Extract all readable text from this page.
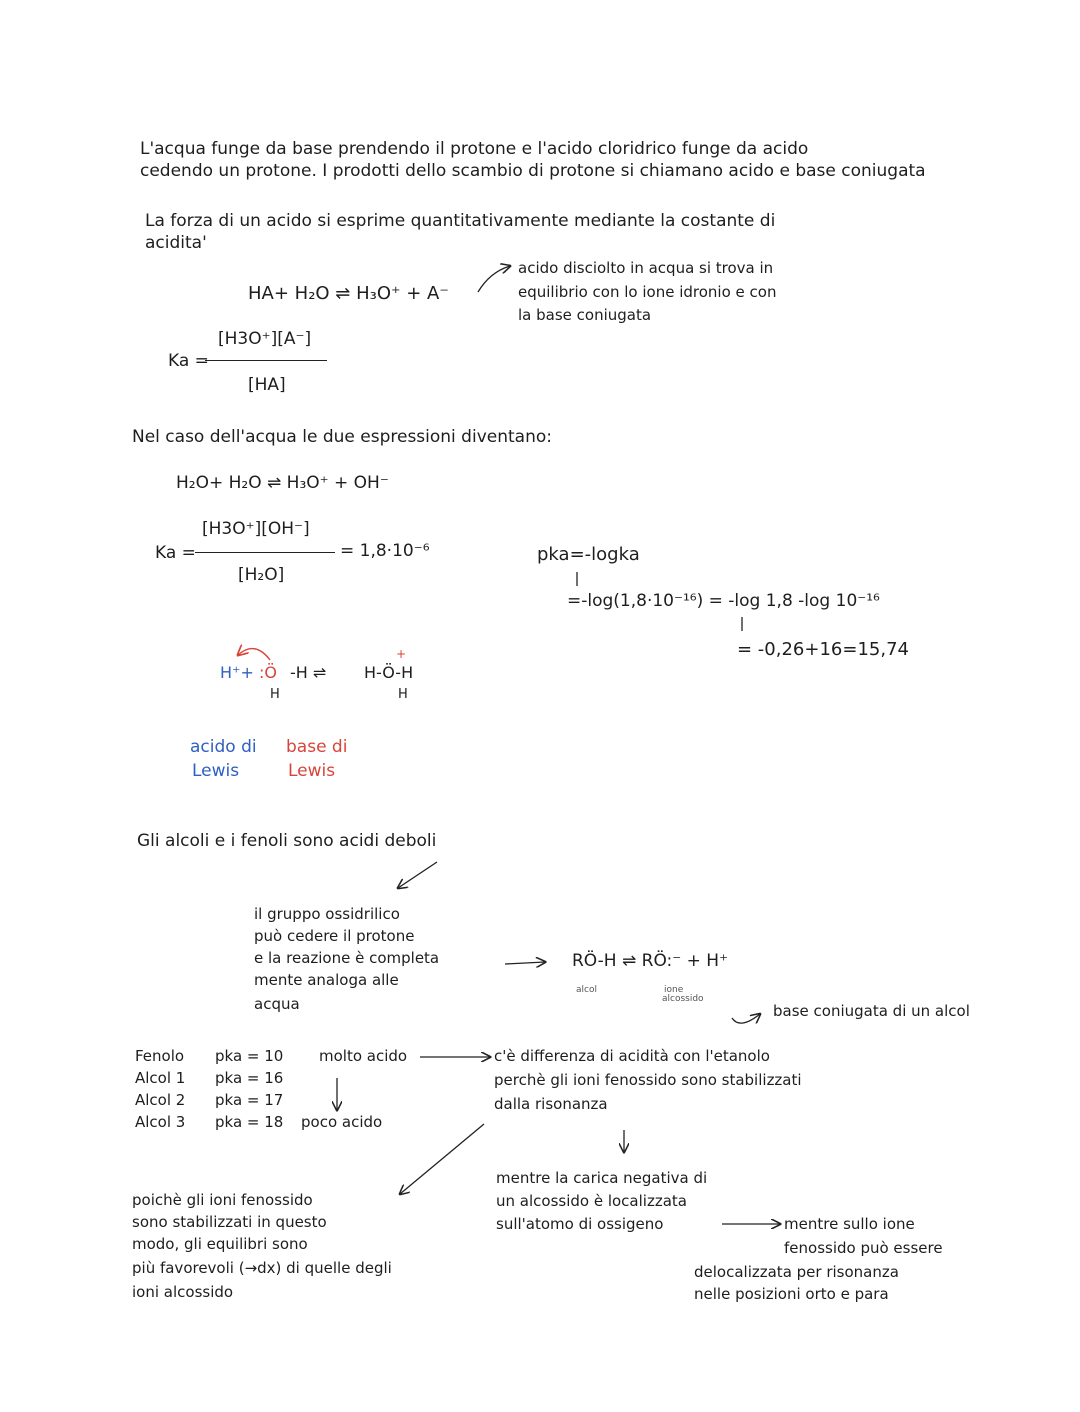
L'acqua funge da base prendendo il protone e l'acido cloridrico funge da acido
cedendo un protone. I prodotti dello scambio di protone si chiamano acido e base coniugata
La forza di un acido si esprime quantitativamente mediante la costante di
acidita'
HA+ H₂O ⇌ H₃O⁺ + A⁻
acido disciolto in acqua si trova in
equilibrio con lo ione idronio e con
la base coniugata
[H3O⁺][A⁻]
Ka =
[HA]
Nel caso dell'acqua le due espressioni diventano:
H₂O+ H₂O ⇌ H₃O⁺ + OH⁻
[H3O⁺][OH⁻]
Ka =	= 1,8·10⁻⁶
[H₂O]
pka=-logka
=-log(1,8·10⁻¹⁶) = -log 1,8 -log 10⁻¹⁶
= -0,26+16=15,74
H⁺+ :Ö -H ⇌ H-Ö-H
+
H	H
acido di
Lewis
base di
Lewis
Gli alcoli e i fenoli sono acidi deboli
il gruppo ossidrilico
può cedere il protone
e la reazione è completa
mente analoga alle
acqua
RÖ-H ⇌ RÖ:⁻ + H⁺
alcol	ione
alcossido
base coniugata di un alcol
Fenolo pka = 10 molto acido
Alcol 1 pka = 16
Alcol 2 pka = 17
Alcol 3 pka = 18 poco acido
c'è differenza di acidità con l'etanolo
perchè gli ioni fenossido sono stabilizzati
dalla risonanza
mentre la carica negativa di
un alcossido è localizzata
sull'atomo di ossigeno	mentre sullo ione
fenossido può essere
delocalizzata per risonanza
nelle posizioni orto e para
poichè gli ioni fenossido
sono stabilizzati in questo
modo, gli equilibri sono
più favorevoli (→dx) di quelle degli
ioni alcossido
